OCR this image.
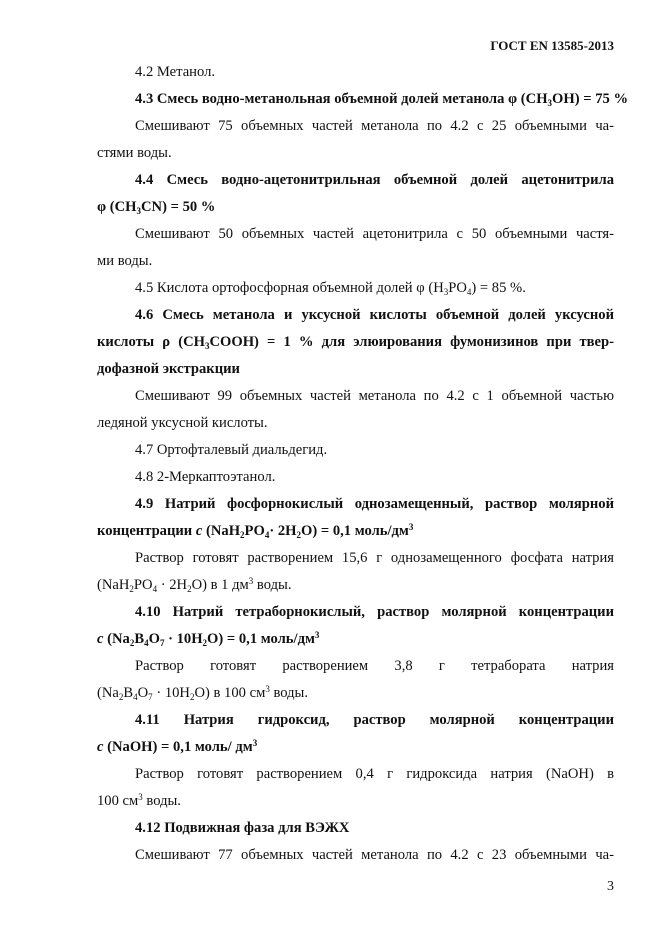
ГОСТ EN 13585-2013
4.2 Метанол.
4.3 Смесь водно-метанольная объемной долей метанола φ $(CH_3OH) = 75$ %
Смешивают 75 объемных частей метанола по 4.2 с 25 объемными ча-
стями воды.
4.4 Смесь водно-ацетонитрильная объемной долей ацетонитрила
φ $(CH_3CN) = 50$ %
Смешивают 50 объемных частей ацетонитрила с 50 объемными частя-
ми воды.
4.5 Кислота ортофосфорная объемной долей φ $(H_3PO_4) = 85$ %.
4.6 Смесь метанола и уксусной кислоты объемной долей уксусной
кислоты ρ $(CH_3COOH) = 1$ % для элюирования фумонизинов при твер-
дофазной экстракции
Смешивают 99 объемных частей метанола по 4.2 с 1 объемной частью
ледяной уксусной кислоты.
4.7 Ортофталевый диальдегид.
4.8 2-Меркаптоэтанол.
4.9 Натрий фосфорнокислый однозамещенный, раствор молярной
концентрации c $(NaH_2PO_4\cdot 2H_2O) = 0,1$ моль/$дм^3$
Раствор готовят растворением 15,6 г однозамещенного фосфата натрия
$(NaH_2PO_4 \cdot 2H_2O)$ в 1 $дм^3$ воды.
4.10 Натрий тетраборнокислый, раствор молярной концентрации
c $(Na_2B_4O_7 \cdot 10H_2O) = 0,1$ моль/$дм^3$
Раствор готовят растворением 3,8 г тетрабората натрия
$(Na_2B_4O_7 \cdot 10H_2O)$ в 100 $см^3$ воды.
4.11 Натрия гидроксид, раствор молярной концентрации
c (NaOH) = 0,1 моль/ $дм^3$
Раствор готовят растворением 0,4 г гидроксида натрия (NaOH) в
100 $см^3$ воды.
4.12 Подвижная фаза для ВЭЖХ
Смешивают 77 объемных частей метанола по 4.2 с 23 объемными ча-
3
